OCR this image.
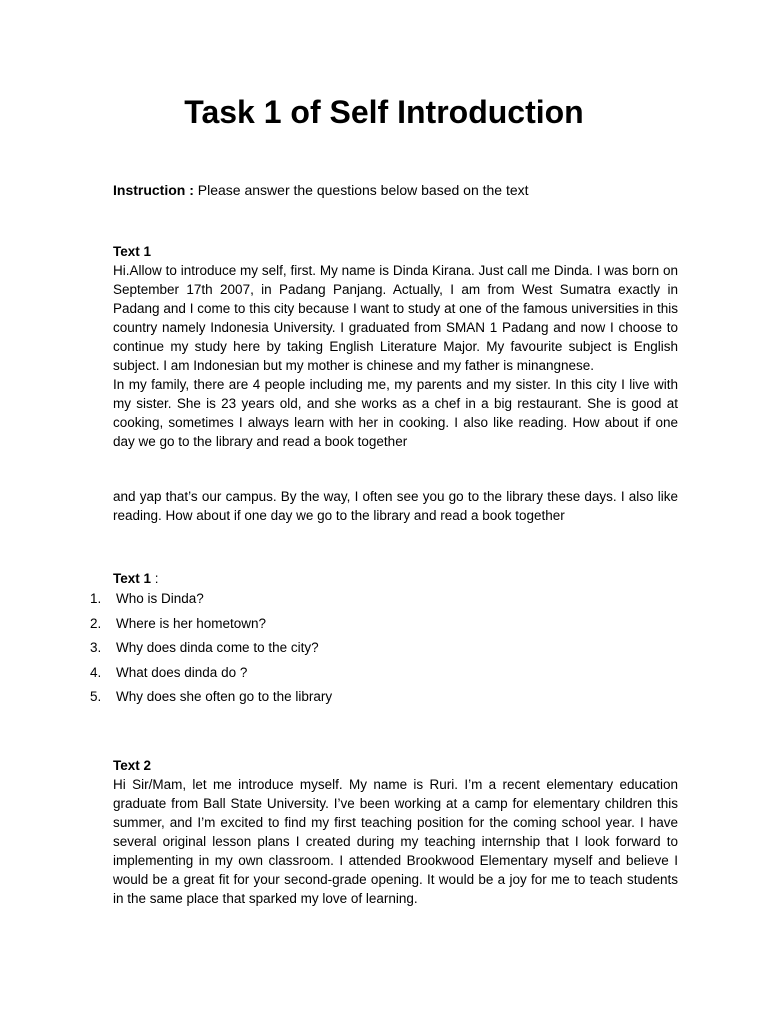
Task 1 of Self Introduction

Instruction : Please answer the questions below based on the text

Text 1

Hi.Allow to introduce my self, first. My name is Dinda Kirana. Just call me Dinda. I was born on September 17th 2007, in Padang Panjang. Actually, I am from West Sumatra exactly in Padang and I come to this city because I want to study at one of the famous universities in this country namely Indonesia University. I graduated from SMAN 1 Padang and now I choose to continue my study here by taking English Literature Major. My favourite subject is English subject. I am Indonesian but my mother is chinese and my father is minangnese.

In my family, there are 4 people including me, my parents and my sister. In this city I live with my sister. She is 23 years old, and she works as a chef in a big restaurant. She is good at cooking, sometimes I always learn with her in cooking. I also like reading. How about if one day we go to the library and read a book together

and yap that’s our campus. By the way, I often see you go to the library these days. I also like reading. How about if one day we go to the library and read a book together

Text 1 :
1.	Who is Dinda?
2.	Where is her hometown?
3.	Why does dinda come to the city?
4.	What does dinda do ?
5.	Why does she often go to the library
Text 2

Hi Sir/Mam, let me introduce myself. My name is Ruri. I’m a recent elementary education graduate from Ball State University. I’ve been working at a camp for elementary children this summer, and I’m excited to find my first teaching position for the coming school year. I have several original lesson plans I created during my teaching internship that I look forward to implementing in my own classroom. I attended Brookwood Elementary myself and believe I would be a great fit for your second-grade opening. It would be a joy for me to teach students in the same place that sparked my love of learning.
